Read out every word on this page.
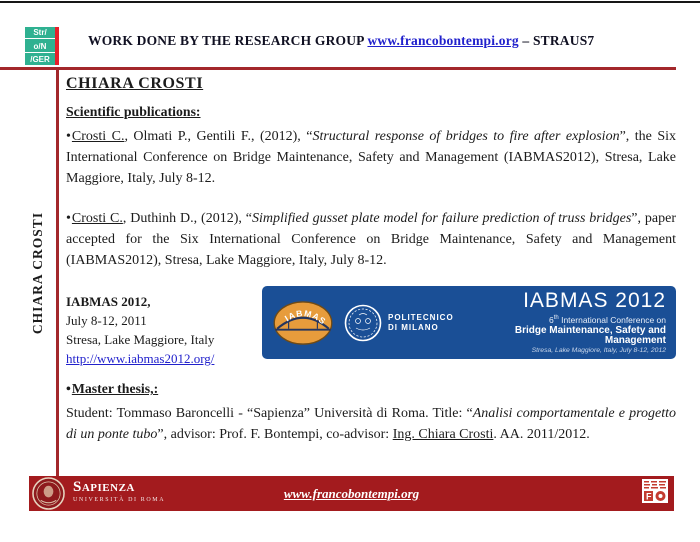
Str/
o/N
/GER
WORK DONE BY THE RESEARCH GROUP www.francobontempi.org – STRAUS7
CHIARA CROSTI
CHIARA CROSTI
Scientific publications:

•Crosti C., Olmati P., Gentili F., (2012), “Structural response of bridges to fire after explosion”, the Six International Conference on Bridge Maintenance, Safety and Management (IABMAS2012), Stresa, Lake Maggiore, Italy, July 8-12.

•Crosti C., Duthinh D., (2012), “Simplified gusset plate model for failure prediction of truss bridges”, paper accepted for the Six International Conference on Bridge Maintenance, Safety and Management (IABMAS2012), Stresa, Lake Maggiore, Italy, July 8-12.

IABMAS 2012,
July 8-12, 2011
Stresa, Lake Maggiore, Italy
http://www.iabmas2012.org/
IABMAS	POLITECNICO
DI MILANO
IABMAS 2012
6th International Conference on
Bridge Maintenance, Safety and Management
Stresa, Lake Maggiore, Italy, July 8-12, 2012
•Master thesis,:

Student: Tommaso Baroncelli - “Sapienza” Università di Roma. Title: “Analisi comportamentale e progetto di un ponte tubo”, advisor: Prof. F. Bontempi, co-advisor: Ing. Chiara Crosti. AA. 2011/2012.

Sapienza
UNIVERSITÀ DI ROMA	www.francobontempi.org	F
